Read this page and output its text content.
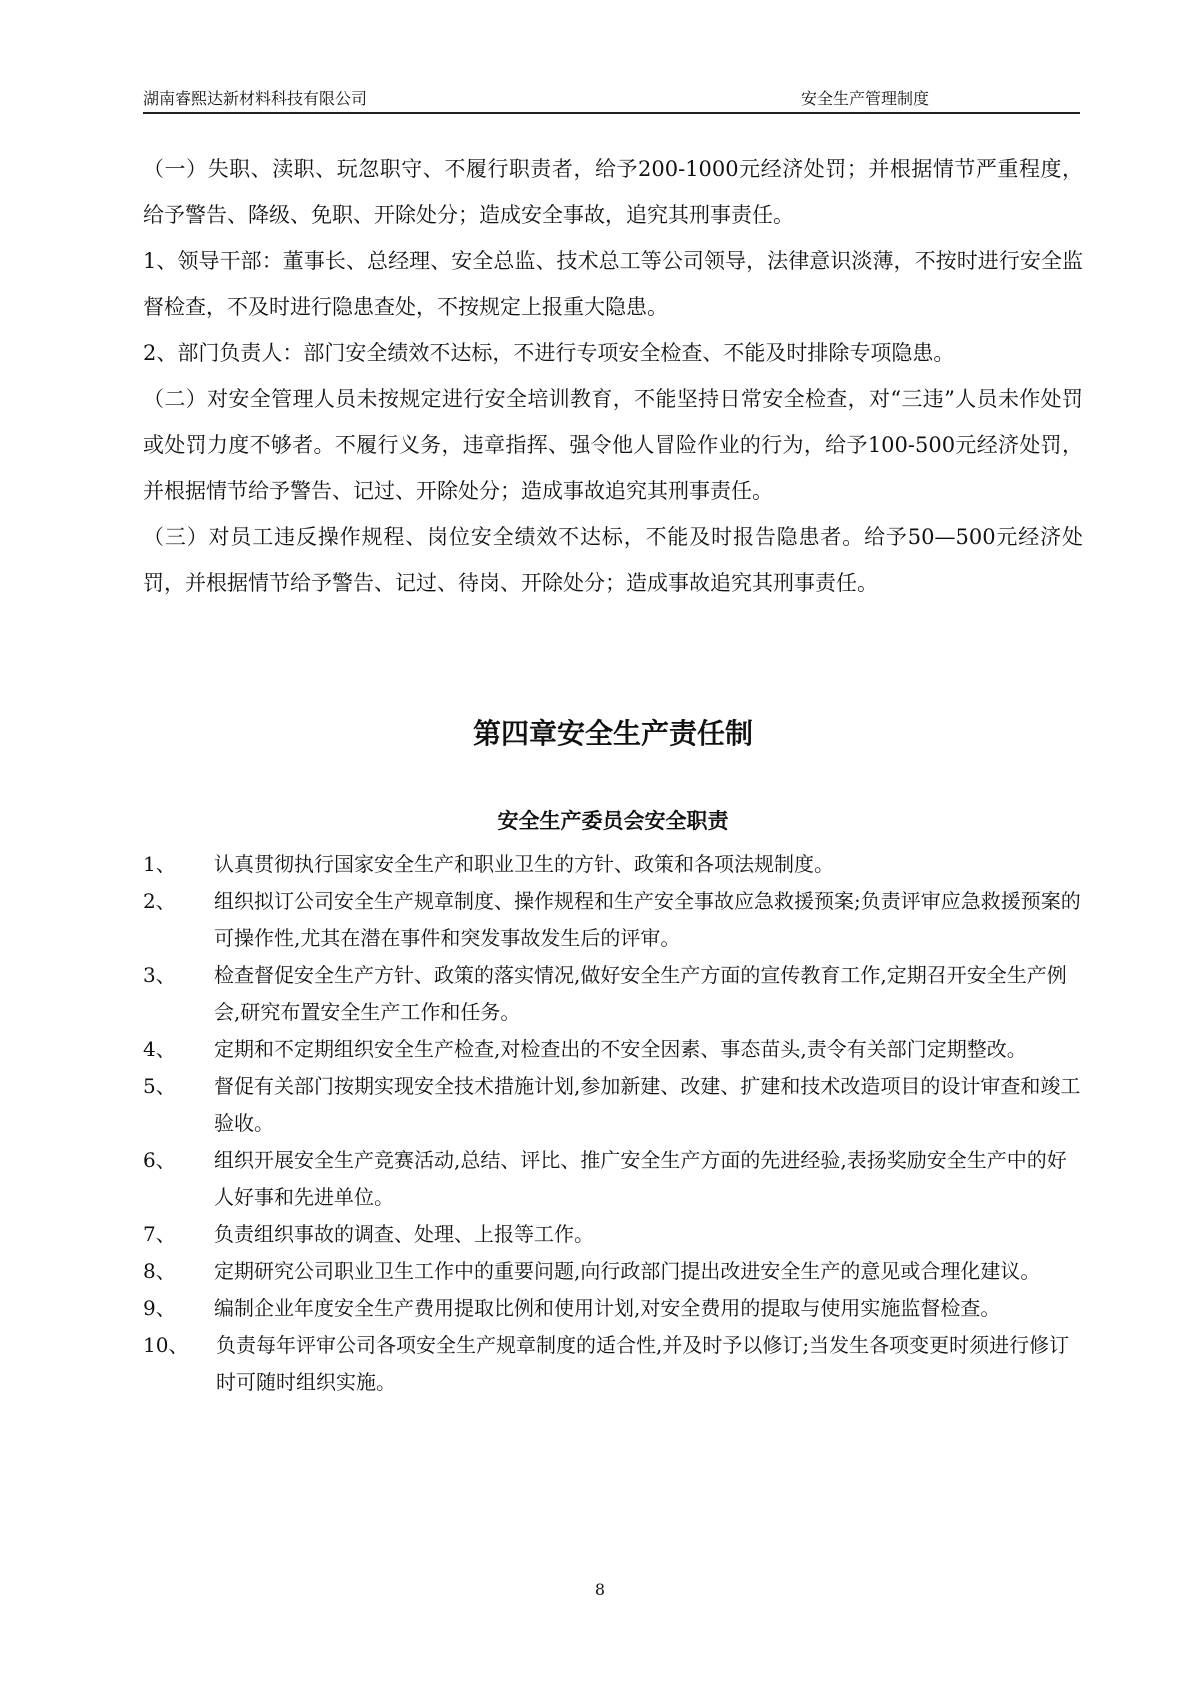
湖南睿熙达新材料科技有限公司	安全生产管理制度

（一）失职、渎职、玩忽职守、不履行职责者，给予200-1000元经济处罚；并根据情节严重程度，给予警告、降级、免职、开除处分；造成安全事故，追究其刑事责任。

1、领导干部：董事长、总经理、安全总监、技术总工等公司领导，法律意识淡薄，不按时进行安全监督检查，不及时进行隐患查处，不按规定上报重大隐患。

2、部门负责人：部门安全绩效不达标，不进行专项安全检查、不能及时排除专项隐患。

（二）对安全管理人员未按规定进行安全培训教育，不能坚持日常安全检查，对“三违”人员未作处罚或处罚力度不够者。不履行义务，违章指挥、强令他人冒险作业的行为，给予100-500元经济处罚，并根据情节给予警告、记过、开除处分；造成事故追究其刑事责任。

（三）对员工违反操作规程、岗位安全绩效不达标，不能及时报告隐患者。给予50—500元经济处罚，并根据情节给予警告、记过、待岗、开除处分；造成事故追究其刑事责任。

第四章安全生产责任制
安全生产委员会安全职责
1、 认真贯彻执行国家安全生产和职业卫生的方针、政策和各项法规制度。
2、 组织拟订公司安全生产规章制度、操作规程和生产安全事故应急救援预案;负责评审应急救援预案的可操作性,尤其在潜在事件和突发事故发生后的评审。
3、 检查督促安全生产方针、政策的落实情况,做好安全生产方面的宣传教育工作,定期召开安全生产例会,研究布置安全生产工作和任务。
4、 定期和不定期组织安全生产检查,对检查出的不安全因素、事态苗头,责令有关部门定期整改。
5、 督促有关部门按期实现安全技术措施计划,参加新建、改建、扩建和技术改造项目的设计审查和竣工验收。
6、 组织开展安全生产竞赛活动,总结、评比、推广安全生产方面的先进经验,表扬奖励安全生产中的好人好事和先进单位。
7、 负责组织事故的调查、处理、上报等工作。
8、 定期研究公司职业卫生工作中的重要问题,向行政部门提出改进安全生产的意见或合理化建议。
9、 编制企业年度安全生产费用提取比例和使用计划,对安全费用的提取与使用实施监督检查。
10、 负责每年评审公司各项安全生产规章制度的适合性,并及时予以修订;当发生各项变更时须进行修订时可随时组织实施。
8
